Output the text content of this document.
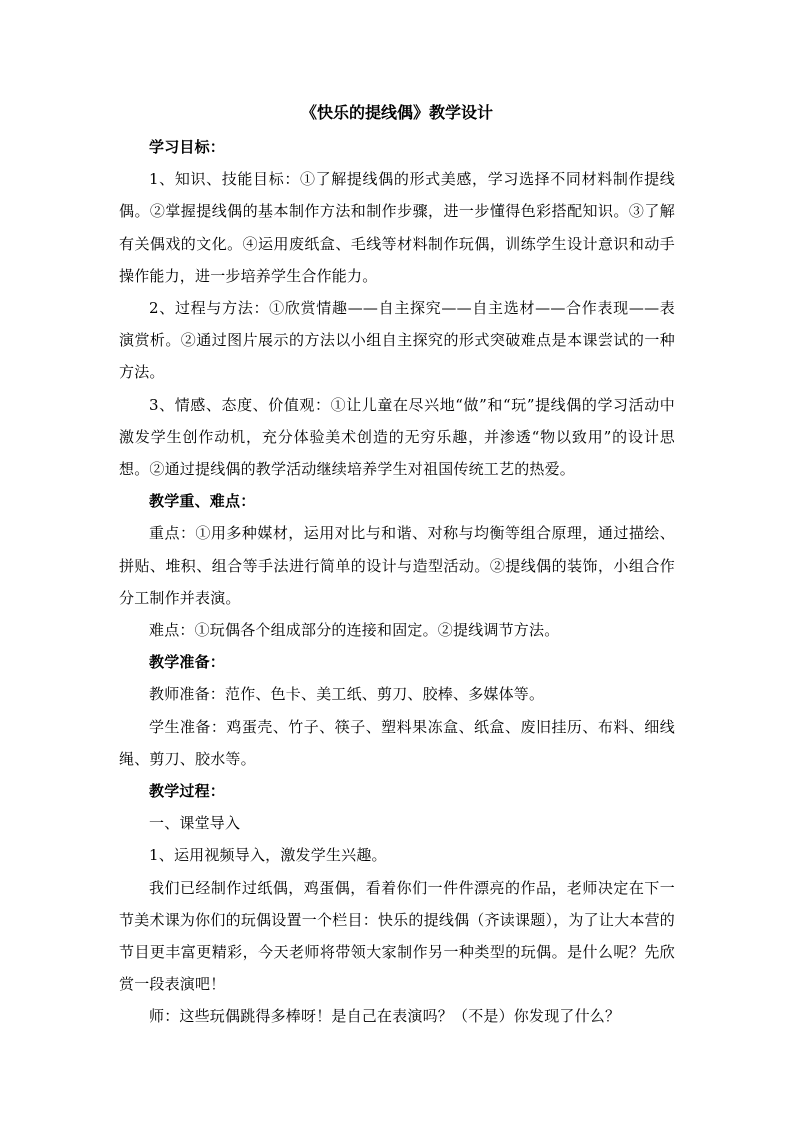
《快乐的提线偶》教学设计

学习目标：

1、知识、技能目标：①了解提线偶的形式美感，学习选择不同材料制作提线偶。②掌握提线偶的基本制作方法和制作步骤，进一步懂得色彩搭配知识。③了解有关偶戏的文化。④运用废纸盒、毛线等材料制作玩偶，训练学生设计意识和动手操作能力，进一步培养学生合作能力。

2、过程与方法：①欣赏情趣——自主探究——自主选材——合作表现——表演赏析。②通过图片展示的方法以小组自主探究的形式突破难点是本课尝试的一种方法。

3、情感、态度、价值观：①让儿童在尽兴地“做”和“玩”提线偶的学习活动中激发学生创作动机，充分体验美术创造的无穷乐趣，并渗透“物以致用”的设计思想。②通过提线偶的教学活动继续培养学生对祖国传统工艺的热爱。

教学重、难点：

重点：①用多种媒材，运用对比与和谐、对称与均衡等组合原理，通过描绘、拼贴、堆积、组合等手法进行简单的设计与造型活动。②提线偶的装饰，小组合作分工制作并表演。

难点：①玩偶各个组成部分的连接和固定。②提线调节方法。

教学准备：

教师准备：范作、色卡、美工纸、剪刀、胶棒、多媒体等。

学生准备：鸡蛋壳、竹子、筷子、塑料果冻盒、纸盒、废旧挂历、布料、细线绳、剪刀、胶水等。

教学过程：

一、课堂导入

1、运用视频导入，激发学生兴趣。

我们已经制作过纸偶，鸡蛋偶，看着你们一件件漂亮的作品，老师决定在下一节美术课为你们的玩偶设置一个栏目：快乐的提线偶（齐读课题），为了让大本营的节目更丰富更精彩，今天老师将带领大家制作另一种类型的玩偶。是什么呢？先欣赏一段表演吧！

师：这些玩偶跳得多棒呀！是自己在表演吗？（不是）你发现了什么？
